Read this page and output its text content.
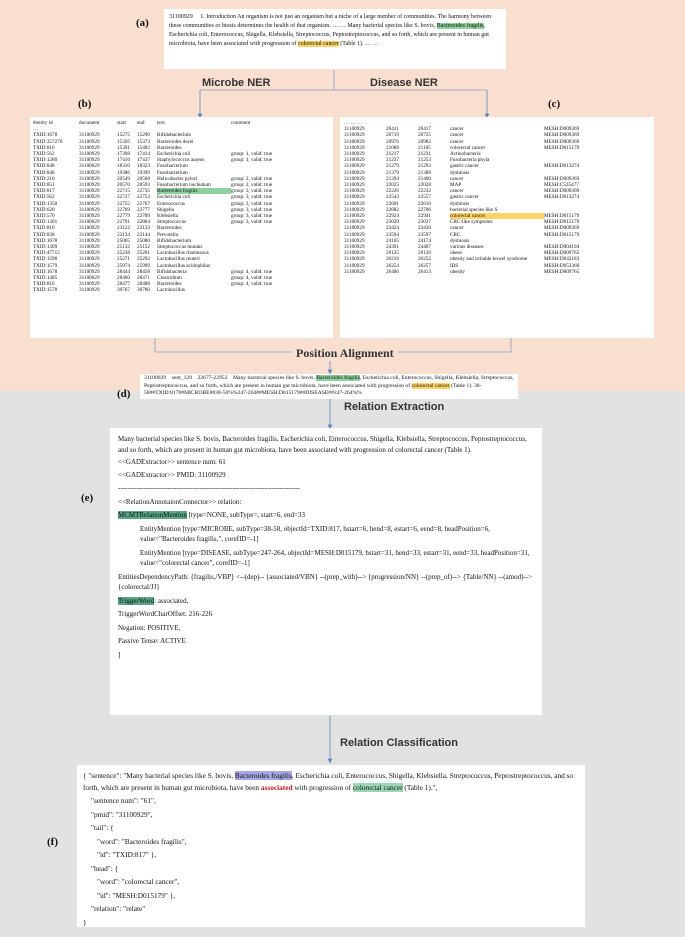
(a)	31100929 1. Introduction An organism is not just an organism but a niche of a large number of communities. The harmony between these communities or biosis determines the health of that organism. … … Many bacterial species like S. bovis, Bacteroides fragilis, Escherichia coli, Enterococcus, Shigella, Klebsiella, Streptococcus, Peptostreptococcus, and so forth, which are present in human gut microbiota, have been associated with progression of colorectal cancer (Table 1). … …
Microbe NER	Disease NER
(b)
#entity id	document	start	end	text	comment
…					
TXID:1678	31100929	15275	15290	Bifidobacterium	
TXID:357276	31100929	15356	15373	Bacteroides dorei	
TXID:816	31100929	15391	15402	Bacteroides	
TXID:562	31100929	17398	17414	Escherichia coli	group: 1, valid: true
TXID:1280	31100929	17416	17437	Staphylococcus aureus	group: 1, valid: true
TXID:848	31100929	18310	18323	Fusobacterium	
TXID:848	31100929	19386	19399	Fusobacterium	
TXID:210	31100929	20549	20568	Helicobacter pylori	group: 2, valid: true
TXID:851	31100929	20570	20593	Fusobacterium nucleatum	group: 2, valid: true
TXID:817	31100929	22715	22735	Bacteroides fragilis	group: 3, valid: true
TXID:562	31100929	22737	22753	Escherichia coli	group: 3, valid: true
TXID:1350	31100929	22755	22767	Enterococcus	group: 3, valid: true
TXID:620	31100929	22769	22777	Shigella	group: 3, valid: true
TXID:570	31100929	22779	22789	Klebsiella	group: 3, valid: true
TXID:1301	31100929	22791	22804	Streptococcus	group: 3, valid: true
TXID:816	31100929	23122	23133	Bacteroides	
TXID:838	31100929	23134	23144	Prevotella	
TXID:1678	31100929	25065	25080	Bifidobacterium	
TXID:1309	31100929	25132	25152	Streptococcus mutans	
TXID:47715	31100929	25238	25261	Lactobacillus rhamnosus	
TXID:1598	31100929	25271	25292	Lactobacillus reuteri	
TXID:1579	31100929	25974	25999	Lactobacillus acidophilus	
TXID:1678	31100929	28444	28458	Bifidobacteria	group: 4, valid: true
TXID:1485	31100929	28460	28471	Clostridium	group: 4, valid: true
TXID:816	31100929	28477	28488	Bacteroides	group: 4, valid: true
TXID:1578	31100929	30767	30780	Lactobacillus	
(c)
… … …				
31100929	20411	20417	cancer	MESH:D009369
31100929	20719	20725	cancer	MESH:D009369
31100929	20976	20982	cancer	MESH:D009369
31100929	21088	21105	colorectal cancer	MESH:D015179
31100929	21217	21231	Actinobacteria	
31100929	21237	21253	Fusobacteria phyla	
31100929	21279	21293	gastric cancer	MESH:D013274
31100929	21379	21388	dysbiosis	
31100929	21394	21400	cancer	MESH:D009369
31100929	22025	22028	MAP	MESH:C535477
31100929	22226	22232	cancer	MESH:D009369
31100929	22543	22557	gastric cancer	MESH:D013274
31100929	22601	22610	dysbiosis	
31100929	22682	22706	bacterial species like S	
31100929	22924	22941	colorectal cancer	MESH:D015179
31100929	23020	23037	CRC-like symptoms	MESH:D015179
31100929	23424	23430	cancer	MESH:D009369
31100929	23594	23597	CRC	MESH:D015179
31100929	24165	24174	dysbiosis	
31100929	24391	24407	various diseases	MESH:D004194
31100929	26125	26130	obese	MESH:D009765
31100929	26216	26252	obesity and irritable bowel syndrome	MESH:D043183
31100929	26254	26257	IBS	MESH:D053360
31100929	26406	26413	obesity	MESH:D009765
Position Alignment
(d)
31100929 sent_129 22677-22952 Many bacterial species like S. bovis, Bacteroides fragilis, Escherichia coli, Enterococcus, Shigella, Klebsiella, Streptococcus, Peptostreptococcus, and so forth, which are present in human gut microbiota, have been associated with progression of colorectal cancer (Table 1). 38-58##TXID:817##MICROBE##38-58%%247-264##MESH:D015179##DISEASE##247-264%%
Relation Extraction
(e)
Many bacterial species like S. bovis, Bacteroides fragilis, Escherichia coli, Enterococcus, Shigella, Klebsiella, Streptococcus, Peptostreptococcus, and so forth, which are present in human gut microbiota, have been associated with progression of colorectal cancer (Table 1).
<<GADExtractor>> sentence num: 61
<<GADExtractor>> PMID: 31100929
------------------------------------------------------------------------------
<<RelationAnnotaionConnector>> relation:
MCMTRelationMention [type=NONE, subType=, start=6, end=33
EntityMention [type=MICROBE, subType=38-58, objectId=TXID:817, hstart=6, hend=8, estart=6, eend=8, headPosition=6, value="Bacteroides fragilis,", corefID=-1]
EntityMention [type=DISEASE, subType=247-264, objectId=MESH:D015179, hstart=31, hend=33, estart=31, eend=33, headPosition=31, value="colorectal cancer", corefID=-1]
EntitiesDependencyPath: {fragilis,/VBP} <--(dep)-- {associated/VBN} --(prep_with)--> {progression/NN} --(prep_of)--> {Table/NN} --(amod)--> {colorectal/JJ}
TriggerWord: associated,
TriggerWordCharOffset: 216-226
Negation: POSITIVE,
Passive Tense: ACTIVE
]
Relation Classification
(f)
{ "sentence": "Many bacterial species like S. bovis, Bacteroides fragilis, Escherichia coli, Enterococcus, Shigella, Klebsiella, Streptococcus, Peptostreptococcus, and so forth, which are present in human gut microbiota, have been associated with progression of colorectal cancer (Table 1).",
"sentence num": "61",
"pmid": "31100929",
"tail": {
"word": "Bacteroides fragilis",
"id": "TXID:817" },
"head": {
"word": "colorectal cancer",
"id": "MESH:D015179" },
"relation": "relate"
}
